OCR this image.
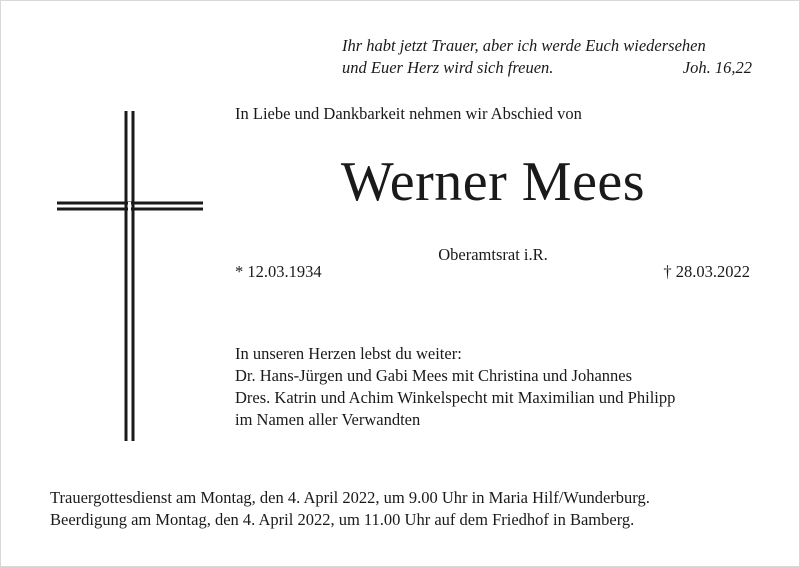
Ihr habt jetzt Trauer, aber ich werde Euch wiedersehen
und Euer Herz wird sich freuen.	Joh. 16,22
In Liebe und Dankbarkeit nehmen wir Abschied von
Werner Mees
Oberamtsrat i.R.
* 12.03.1934	† 28.03.2022
In unseren Herzen lebst du weiter:
Dr. Hans-Jürgen und Gabi Mees mit Christina und Johannes
Dres. Katrin und Achim Winkelspecht mit Maximilian und Philipp
im Namen aller Verwandten
Trauergottesdienst am Montag, den 4. April 2022, um 9.00 Uhr in Maria Hilf/Wunderburg.
Beerdigung am Montag, den 4. April 2022, um 11.00 Uhr auf dem Friedhof in Bamberg.
